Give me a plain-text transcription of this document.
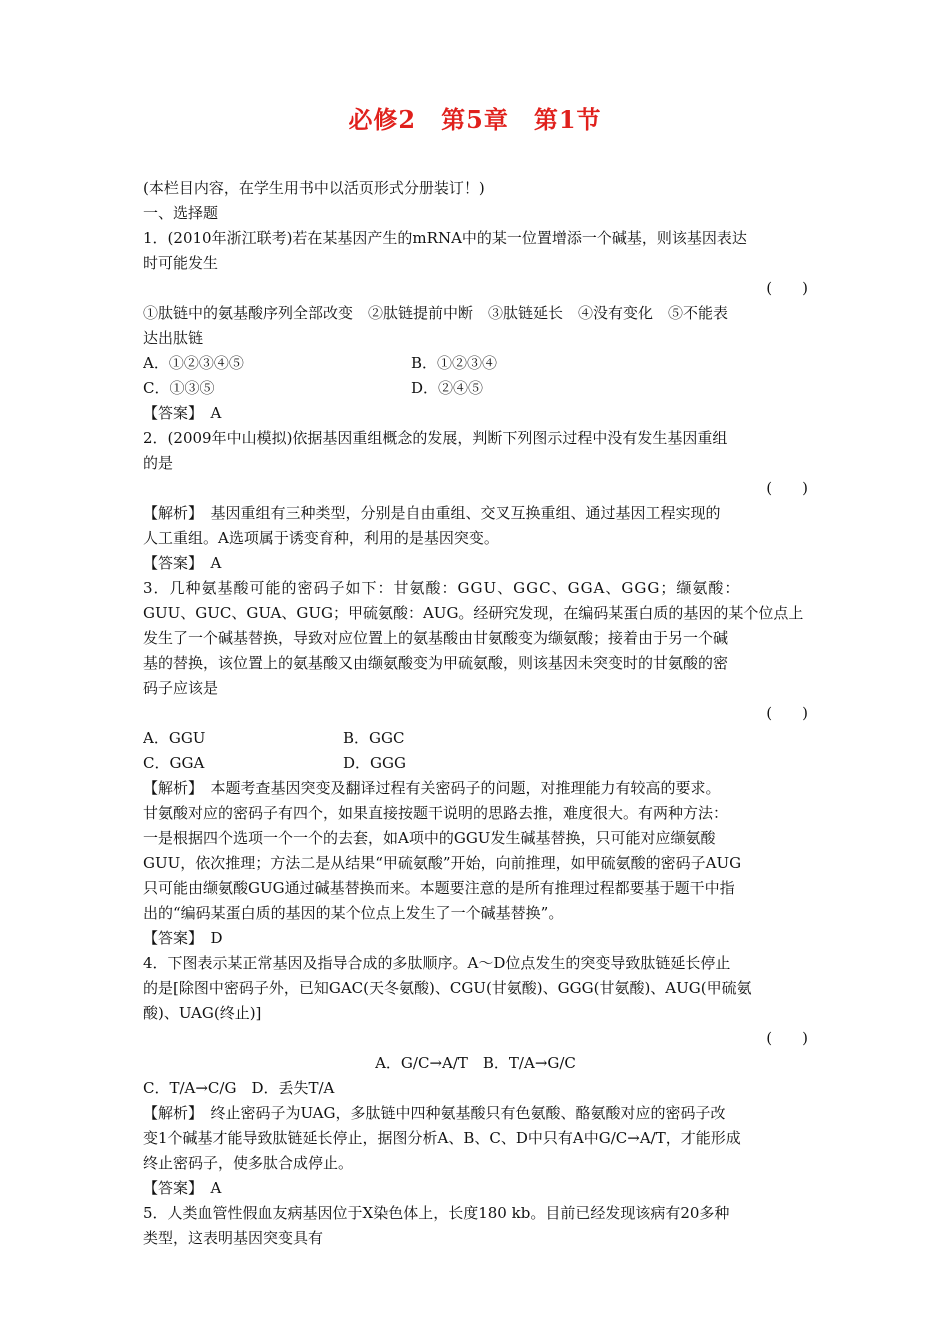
必修2　第5章　第1节
(本栏目内容，在学生用书中以活页形式分册装订！)
一、选择题
1．(2010年浙江联考)若在某基因产生的mRNA中的某一位置增添一个碱基，则该基因表达
时可能发生
(　　)
①肽链中的氨基酸序列全部改变　②肽链提前中断　③肽链延长　④没有变化　⑤不能表
达出肽链
A．①②③④⑤	B．①②③④
C．①③⑤	D．②④⑤
【答案】　A
2．(2009年中山模拟)依据基因重组概念的发展，判断下列图示过程中没有发生基因重组
的是
(　　)
【解析】　基因重组有三种类型，分别是自由重组、交叉互换重组、通过基因工程实现的
人工重组。A选项属于诱变育种，利用的是基因突变。
【答案】　A
3．几种氨基酸可能的密码子如下：甘氨酸：GGU、GGC、GGA、GGG；缬氨酸：
GUU、GUC、GUA、GUG；甲硫氨酸：AUG。经研究发现，在编码某蛋白质的基因的某个位点上
发生了一个碱基替换，导致对应位置上的氨基酸由甘氨酸变为缬氨酸；接着由于另一个碱
基的替换，该位置上的氨基酸又由缬氨酸变为甲硫氨酸，则该基因未突变时的甘氨酸的密
码子应该是
(　　)
A．GGU	B．GGC
C．GGA	D．GGG
【解析】　本题考查基因突变及翻译过程有关密码子的问题，对推理能力有较高的要求。
甘氨酸对应的密码子有四个，如果直接按题干说明的思路去推，难度很大。有两种方法：
一是根据四个选项一个一个的去套，如A项中的GGU发生碱基替换，只可能对应缬氨酸
GUU，依次推理；方法二是从结果“甲硫氨酸”开始，向前推理，如甲硫氨酸的密码子AUG
只可能由缬氨酸GUG通过碱基替换而来。本题要注意的是所有推理过程都要基于题干中指
出的“编码某蛋白质的基因的某个位点上发生了一个碱基替换”。
【答案】　D
4．下图表示某正常基因及指导合成的多肽顺序。A～D位点发生的突变导致肽链延长停止
的是[除图中密码子外，已知GAC(天冬氨酸)、CGU(甘氨酸)、GGG(甘氨酸)、AUG(甲硫氨
酸)、UAG(终止)]
(　　)
A．G/C→A/T　B．T/A→G/C
C．T/A→C/G　D．丢失T/A
【解析】　终止密码子为UAG，多肽链中四种氨基酸只有色氨酸、酪氨酸对应的密码子改
变1个碱基才能导致肽链延长停止，据图分析A、B、C、D中只有A中G/C→A/T，才能形成
终止密码子，使多肽合成停止。
【答案】　A
5．人类血管性假血友病基因位于X染色体上，长度180 kb。目前已经发现该病有20多种
类型，这表明基因突变具有
